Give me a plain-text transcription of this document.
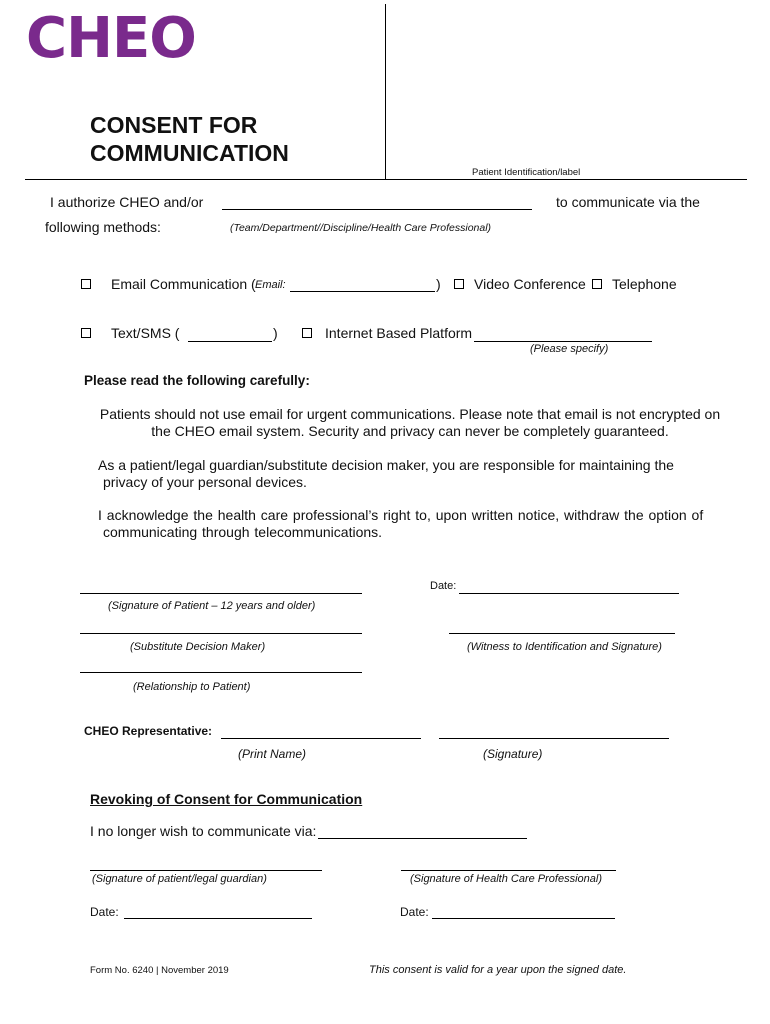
CHEO
CONSENT FOR
COMMUNICATION
Patient Identification/label
I authorize CHEO and/or	to communicate via the
following methods:	(Team/Department//Discipline/Health Care Professional)
Email Communication ( Email:	) Video Conference Telephone
Text/SMS (	)	Internet Based Platform
(Please specify)
Please read the following carefully:
Patients should not use email for urgent communications. Please note that email is not encrypted on
the CHEO email system. Security and privacy can never be completely guaranteed.
As a patient/legal guardian/substitute decision maker, you are responsible for maintaining the
privacy of your personal devices.
I acknowledge the health care professional’s right to, upon written notice, withdraw the option of
communicating through telecommunications.
Date:
(Signature of Patient – 12 years and older)
(Substitute Decision Maker)	(Witness to Identification and Signature)
(Relationship to Patient)
CHEO Representative:
(Print Name)	(Signature)
Revoking of Consent for Communication
I no longer wish to communicate via:
(Signature of patient/legal guardian)	(Signature of Health Care Professional)
Date:	Date:
Form No. 6240 | November 2019	This consent is valid for a year upon the signed date.
